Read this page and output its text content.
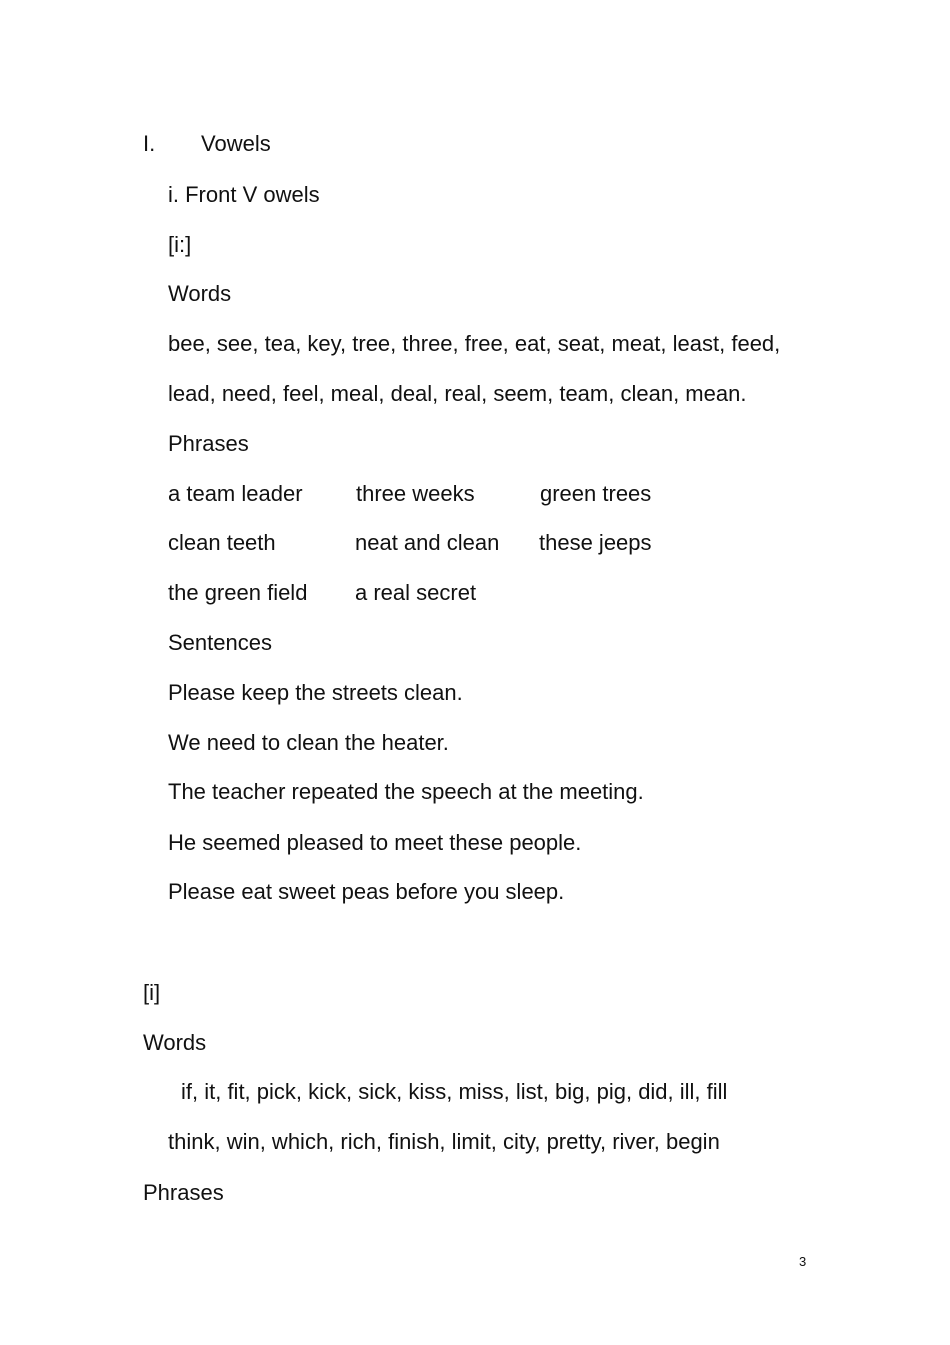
I. Vowels
i. Front V owels
[i:]
Words
bee, see, tea, key, tree, three, free, eat, seat, meat, least, feed,
lead, need, feel, meal, deal, real, seem, team, clean, mean.
Phrases
a team leader three weeks	green trees
clean teeth	neat and clean these jeeps
the green field a real secret
Sentences
Please keep the streets clean.
We need to clean the heater.
The teacher repeated the speech at the meeting.
He seemed pleased to meet these people.
Please eat sweet peas before you sleep.
[i]
Words
if, it, fit, pick, kick, sick, kiss, miss, list, big, pig, did, ill, fill
think, win, which, rich, finish, limit, city, pretty, river, begin
Phrases
3
